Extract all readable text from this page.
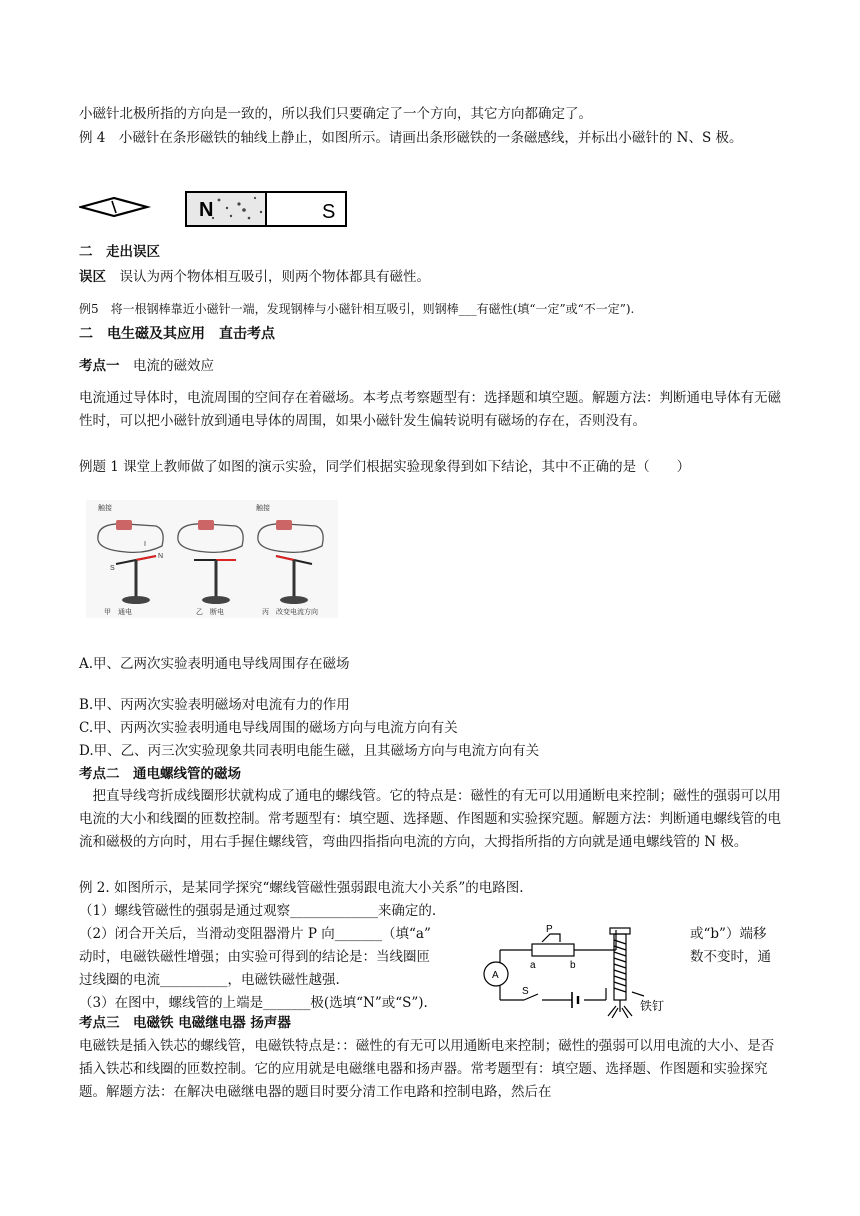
小磁针北极所指的方向是一致的，所以我们只要确定了一个方向，其它方向都确定了。

例 4　小磁针在条形磁铁的轴线上静止，如图所示。请画出条形磁铁的一条磁感线，并标出小磁针的 N、S 极。

N	S

二　走出误区

误区　 误认为两个物体相互吸引，则两个物体都具有磁性。

例5　将一根钢棒靠近小磁针一端，发现钢棒与小磁针相互吸引，则钢棒___有磁性(填“一定”或“不一定”).

二　电生磁及其应用　直击考点

考点一　 电流的磁效应

电流通过导体时，电流周围的空间存在着磁场。本考点考察题型有：选择题和填空题。解题方法：判断通电导体有无磁性时，可以把小磁针放到通电导体的周围，如果小磁针发生偏转说明有磁场的存在，否则没有。

例题 1 课堂上教师做了如图的演示实验，同学们根据实验现象得到如下结论，其中不正确的是（　　）

触接	触接
S
N
I
甲　通电	乙　断电	丙　改变电流方向

A.甲、乙两次实验表明通电导线周围存在磁场

B.甲、丙两次实验表明磁场对电流有力的作用

C.甲、丙两次实验表明通电导线周围的磁场方向与电流方向有关

D.甲、乙、丙三次实验现象共同表明电能生磁，且其磁场方向与电流方向有关

考点二　通电螺线管的磁场

　把直导线弯折成线圈形状就构成了通电的螺线管。它的特点是：磁性的有无可以用通断电来控制；磁性的强弱可以用电流的大小和线圈的匝数控制。常考题型有：填空题、选择题、作图题和实验探究题。解题方法：判断通电螺线管的电流和磁极的方向时，用右手握住螺线管，弯曲四指指向电流的方向，大拇指所指的方向就是通电螺线管的 N 极。

例 2. 如图所示，是某同学探究“螺线管磁性强弱跟电流大小关系”的电路图.

（1）螺线管磁性的强弱是通过观察_____________来确定的.

（2）闭合开关后，当滑动变阻器滑片 P 向_______（填“a”	或“b”）端移

动时，电磁铁磁性增强；由实验可得到的结论是：当线圈匝	数不变时，通

过线圈的电流__________，电磁铁磁性越强.

（3）在图中，螺线管的上端是_______极(选填“N”或“S”).

A
P
a	b
S
铁钉

考点三　电磁铁 电磁继电器 扬声器

电磁铁是插入铁芯的螺线管，电磁铁特点是：：磁性的有无可以用通断电来控制；磁性的强弱可以用电流的大小、是否插入铁芯和线圈的匝数控制。它的应用就是电磁继电器和扬声器。常考题型有：填空题、选择题、作图题和实验探究题。解题方法：在解决电磁继电器的题目时要分清工作电路和控制电路，然后在
